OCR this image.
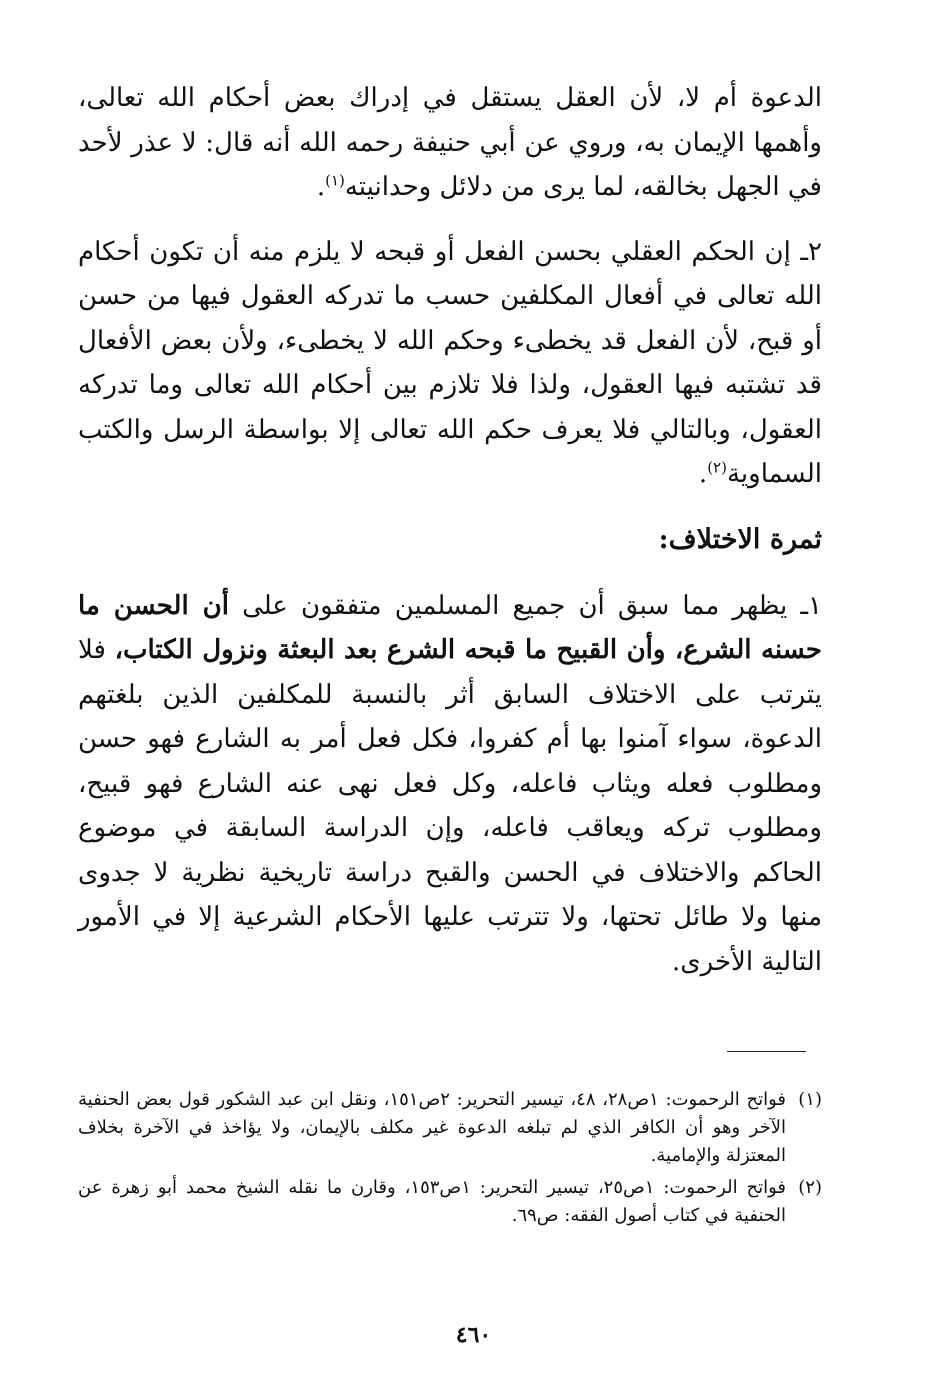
الدعوة أم لا، لأن العقل يستقل في إدراك بعض أحكام الله تعالى، وأهمها الإيمان به، وروي عن أبي حنيفة رحمه الله أنه قال: لا عذر لأحد في الجهل بخالقه، لما يرى من دلائل وحدانيته$^{(١)}$.

٢ـ إن الحكم العقلي بحسن الفعل أو قبحه لا يلزم منه أن تكون أحكام الله تعالى في أفعال المكلفين حسب ما تدركه العقول فيها من حسن أو قبح، لأن الفعل قد يخطىء وحكم الله لا يخطىء، ولأن بعض الأفعال قد تشتبه فيها العقول، ولذا فلا تلازم بين أحكام الله تعالى وما تدركه العقول، وبالتالي فلا يعرف حكم الله تعالى إلا بواسطة الرسل والكتب السماوية$^{(٢)}$.

ثمرة الاختلاف:

١ـ يظهر مما سبق أن جميع المسلمين متفقون على أن الحسن ما حسنه الشرع، وأن القبيح ما قبحه الشرع بعد البعثة ونزول الكتاب، فلا يترتب على الاختلاف السابق أثر بالنسبة للمكلفين الذين بلغتهم الدعوة، سواء آمنوا بها أم كفروا، فكل فعل أمر به الشارع فهو حسن ومطلوب فعله ويثاب فاعله، وكل فعل نهى عنه الشارع فهو قبيح، ومطلوب تركه ويعاقب فاعله، وإن الدراسة السابقة في موضوع الحاكم والاختلاف في الحسن والقبح دراسة تاريخية نظرية لا جدوى منها ولا طائل تحتها، ولا تترتب عليها الأحكام الشرعية إلا في الأمور التالية الأخرى.

(١)
فواتح الرحموت: ١ص٢٨، ٤٨، تيسير التحرير: ٢ص١٥١، ونقل ابن عبد الشكور قول بعض الحنفية الآخر وهو أن الكافر الذي لم تبلغه الدعوة غير مكلف بالإيمان، ولا يؤاخذ في الآخرة بخلاف المعتزلة والإمامية.
(٢)
فواتح الرحموت: ١ص٢٥، تيسير التحرير: ١ص١٥٣، وقارن ما نقله الشيخ محمد أبو زهرة عن الحنفية في كتاب أصول الفقه: ص٦٩.
٤٦٠
